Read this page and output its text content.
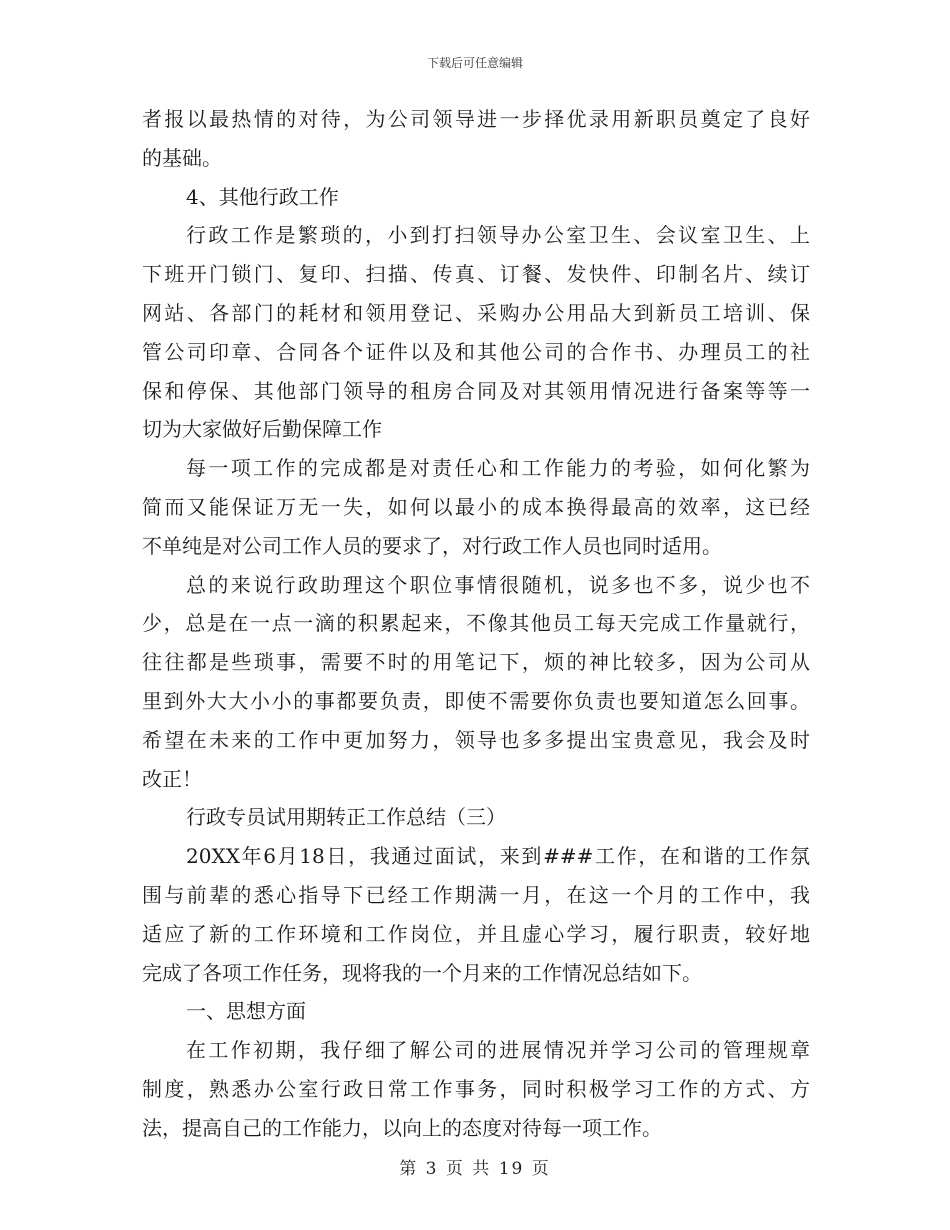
下载后可任意编辑
者报以最热情的对待，为公司领导进一步择优录用新职员奠定了良好
的基础。
4、其他行政工作
行政工作是繁琐的，小到打扫领导办公室卫生、会议室卫生、上
下班开门锁门、复印、扫描、传真、订餐、发快件、印制名片、续订
网站、各部门的耗材和领用登记、采购办公用品大到新员工培训、保
管公司印章、合同各个证件以及和其他公司的合作书、办理员工的社
保和停保、其他部门领导的租房合同及对其领用情况进行备案等等一
切为大家做好后勤保障工作
每一项工作的完成都是对责任心和工作能力的考验，如何化繁为
简而又能保证万无一失，如何以最小的成本换得最高的效率，这已经
不单纯是对公司工作人员的要求了，对行政工作人员也同时适用。
总的来说行政助理这个职位事情很随机，说多也不多，说少也不
少，总是在一点一滴的积累起来，不像其他员工每天完成工作量就行，
往往都是些琐事，需要不时的用笔记下，烦的神比较多，因为公司从
里到外大大小小的事都要负责，即使不需要你负责也要知道怎么回事。
希望在未来的工作中更加努力，领导也多多提出宝贵意见，我会及时
改正！
行政专员试用期转正工作总结（三）
20XX年6月18日，我通过面试，来到###工作，在和谐的工作氛
围与前辈的悉心指导下已经工作期满一月，在这一个月的工作中，我
适应了新的工作环境和工作岗位，并且虚心学习，履行职责，较好地
完成了各项工作任务，现将我的一个月来的工作情况总结如下。
一、思想方面
在工作初期，我仔细了解公司的进展情况并学习公司的管理规章
制度，熟悉办公室行政日常工作事务，同时积极学习工作的方式、方
法，提高自己的工作能力，以向上的态度对待每一项工作。
第 3 页 共 19 页
